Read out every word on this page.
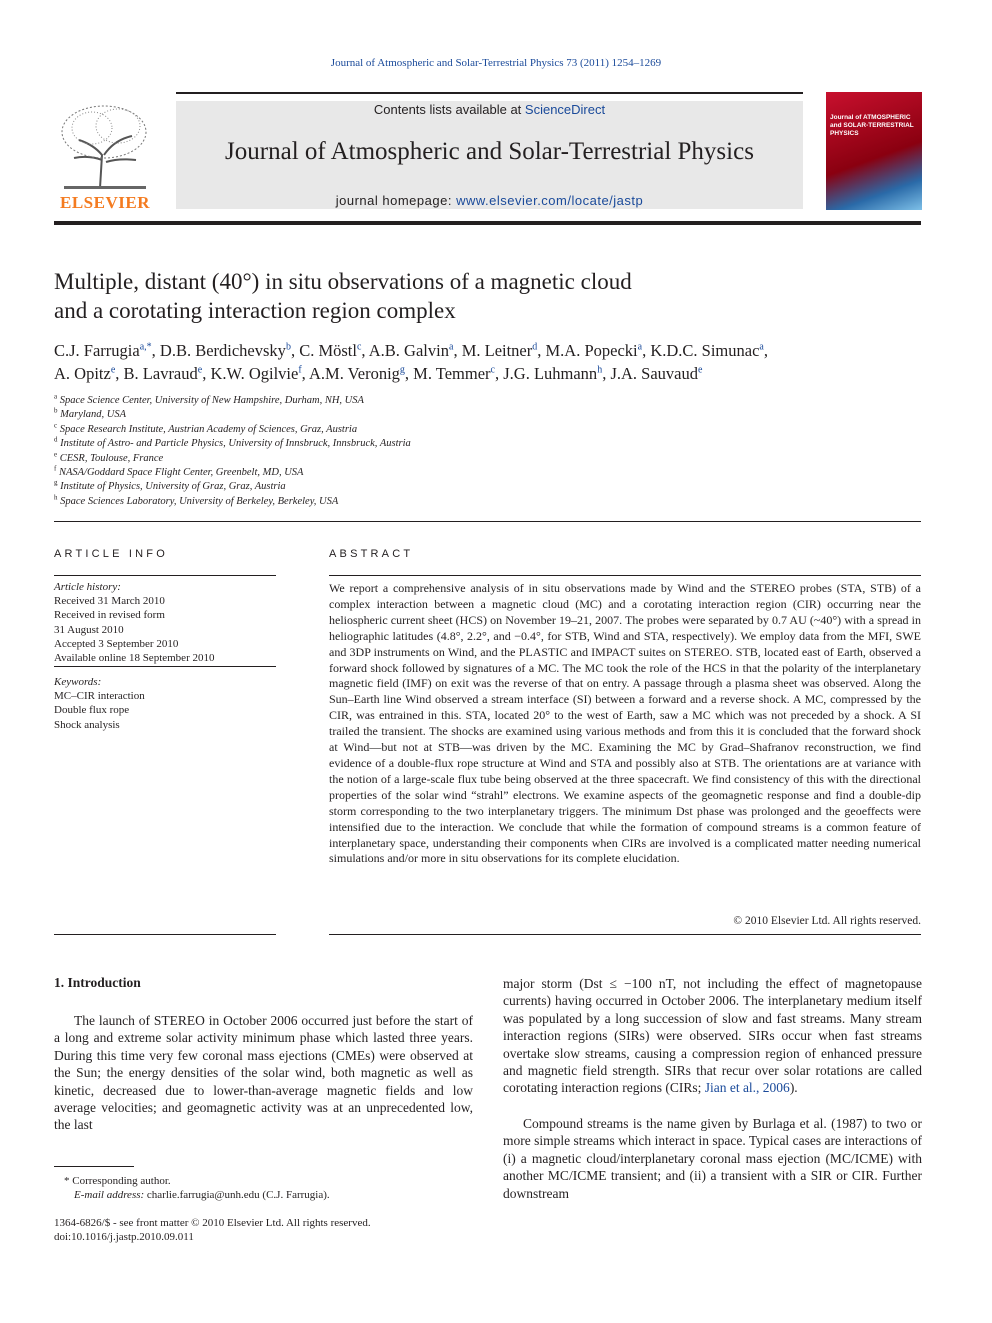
Journal of Atmospheric and Solar-Terrestrial Physics 73 (2011) 1254–1269
ELSEVIER
Contents lists available at ScienceDirect
Journal of Atmospheric and Solar-Terrestrial Physics
journal homepage: www.elsevier.com/locate/jastp
Journal of ATMOSPHERIC and SOLAR-TERRESTRIAL PHYSICS
Multiple, distant (40°) in situ observations of a magnetic cloud
and a corotating interaction region complex
C.J. Farrugia$^{a,*}$, D.B. Berdichevsky$^b$, C. Möstl$^c$, A.B. Galvin$^a$, M. Leitner$^d$, M.A. Popecki$^a$, K.D.C. Simunac$^a$,
A. Opitz$^e$, B. Lavraud$^e$, K.W. Ogilvie$^f$, A.M. Veronig$^g$, M. Temmer$^c$, J.G. Luhmann$^h$, J.A. Sauvaud$^e$
$^a$ Space Science Center, University of New Hampshire, Durham, NH, USA
$^b$ Maryland, USA
$^c$ Space Research Institute, Austrian Academy of Sciences, Graz, Austria
$^d$ Institute of Astro- and Particle Physics, University of Innsbruck, Innsbruck, Austria
$^e$ CESR, Toulouse, France
$^f$ NASA/Goddard Space Flight Center, Greenbelt, MD, USA
$^g$ Institute of Physics, University of Graz, Graz, Austria
$^h$ Space Sciences Laboratory, University of Berkeley, Berkeley, USA
ARTICLE INFO
Article history:
Received 31 March 2010
Received in revised form
31 August 2010
Accepted 3 September 2010
Available online 18 September 2010
Keywords:
MC–CIR interaction
Double flux rope
Shock analysis
ABSTRACT
We report a comprehensive analysis of in situ observations made by Wind and the STEREO probes (STA, STB) of a complex interaction between a magnetic cloud (MC) and a corotating interaction region (CIR) occurring near the heliospheric current sheet (HCS) on November 19–21, 2007. The probes were separated by 0.7 AU (~40°) with a spread in heliographic latitudes (4.8°, 2.2°, and −0.4°, for STB, Wind and STA, respectively). We employ data from the MFI, SWE and 3DP instruments on Wind, and the PLASTIC and IMPACT suites on STEREO. STB, located east of Earth, observed a forward shock followed by signatures of a MC. The MC took the role of the HCS in that the polarity of the interplanetary magnetic field (IMF) on exit was the reverse of that on entry. A passage through a plasma sheet was observed. Along the Sun–Earth line Wind observed a stream interface (SI) between a forward and a reverse shock. A MC, compressed by the CIR, was entrained in this. STA, located 20° to the west of Earth, saw a MC which was not preceded by a shock. A SI trailed the transient. The shocks are examined using various methods and from this it is concluded that the forward shock at Wind—but not at STB—was driven by the MC. Examining the MC by Grad–Shafranov reconstruction, we find evidence of a double-flux rope structure at Wind and STA and possibly also at STB. The orientations are at variance with the notion of a large-scale flux tube being observed at the three spacecraft. We find consistency of this with the directional properties of the solar wind “strahl” electrons. We examine aspects of the geomagnetic response and find a double-dip storm corresponding to the two interplanetary triggers. The minimum Dst phase was prolonged and the geoeffects were intensified due to the interaction. We conclude that while the formation of compound streams is a common feature of interplanetary space, understanding their components when CIRs are involved is a complicated matter needing numerical simulations and/or more in situ observations for its complete elucidation.
© 2010 Elsevier Ltd. All rights reserved.
1. Introduction
The launch of STEREO in October 2006 occurred just before the start of a long and extreme solar activity minimum phase which lasted three years. During this time very few coronal mass ejections (CMEs) were observed at the Sun; the energy densities of the solar wind, both magnetic as well as kinetic, decreased due to lower-than-average magnetic fields and low average velocities; and geomagnetic activity was at an unprecedented low, the last
major storm (Dst ≤ −100 nT, not including the effect of magnetopause currents) having occurred in October 2006. The interplanetary medium itself was populated by a long succession of slow and fast streams. Many stream interaction regions (SIRs) were observed. SIRs occur when fast streams overtake slow streams, causing a compression region of enhanced pressure and magnetic field strength. SIRs that recur over solar rotations are called corotating interaction regions (CIRs; Jian et al., 2006).
Compound streams is the name given by Burlaga et al. (1987) to two or more simple streams which interact in space. Typical cases are interactions of (i) a magnetic cloud/interplanetary coronal mass ejection (MC/ICME) with another MC/ICME transient; and (ii) a transient with a SIR or CIR. Further downstream
* Corresponding author.
E-mail address: charlie.farrugia@unh.edu (C.J. Farrugia).
1364-6826/$ - see front matter © 2010 Elsevier Ltd. All rights reserved.
doi:10.1016/j.jastp.2010.09.011
